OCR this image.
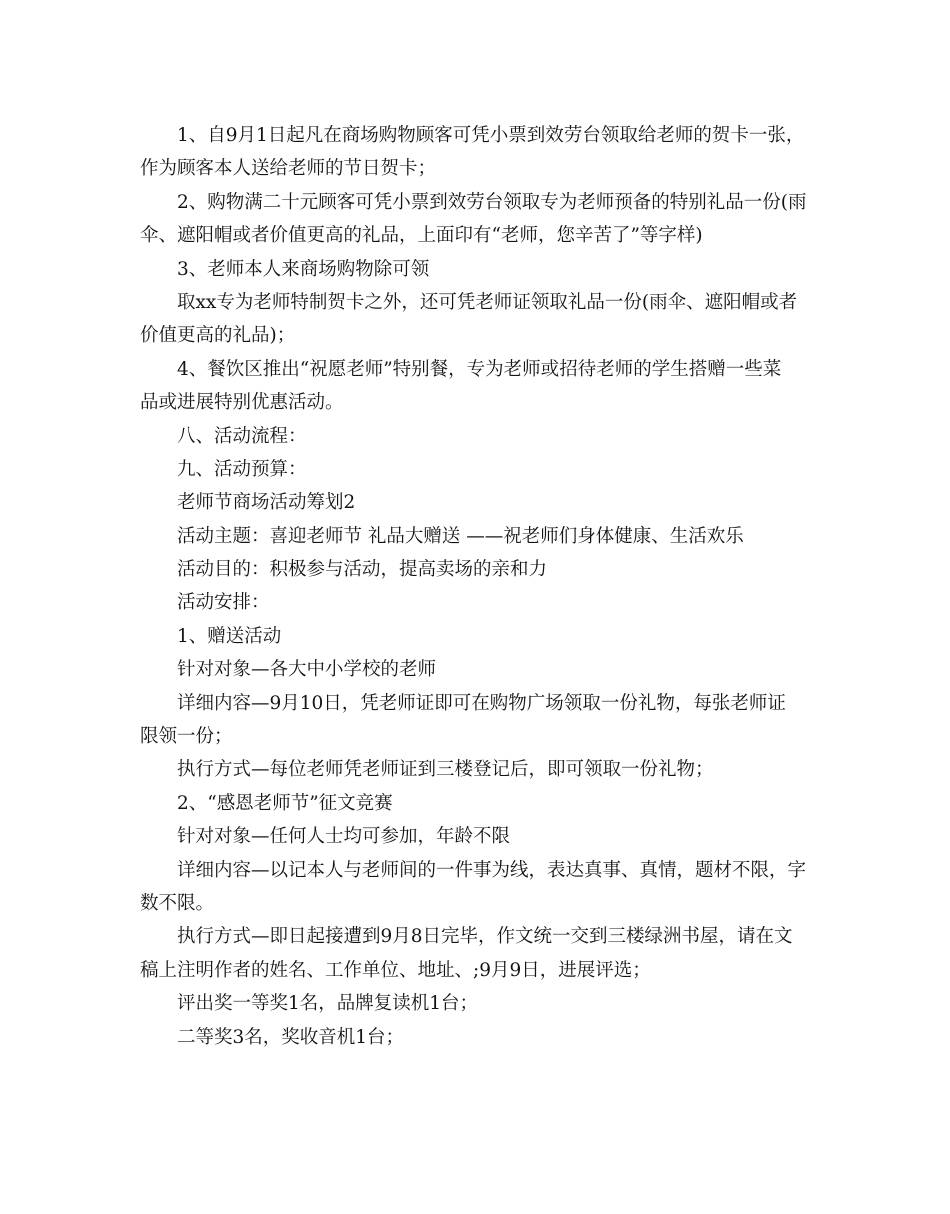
1、自9月1日起凡在商场购物顾客可凭小票到效劳台领取给老师的贺卡一张，
作为顾客本人送给老师的节日贺卡；
2、购物满二十元顾客可凭小票到效劳台领取专为老师预备的特别礼品一份(雨
伞、遮阳帽或者价值更高的礼品，上面印有“老师，您辛苦了”等字样)
3、老师本人来商场购物除可领
取xx专为老师特制贺卡之外，还可凭老师证领取礼品一份(雨伞、遮阳帽或者
价值更高的礼品)；
4、餐饮区推出“祝愿老师”特别餐，专为老师或招待老师的学生搭赠一些菜
品或进展特别优惠活动。
八、活动流程：
九、活动预算：
老师节商场活动筹划2
活动主题：喜迎老师节 礼品大赠送 ——祝老师们身体健康、生活欢乐
活动目的：积极参与活动，提高卖场的亲和力
活动安排：
1、赠送活动
针对对象—各大中小学校的老师
详细内容—9月10日，凭老师证即可在购物广场领取一份礼物，每张老师证
限领一份；
执行方式—每位老师凭老师证到三楼登记后，即可领取一份礼物；
2、“感恩老师节”征文竞赛
针对对象—任何人士均可参加，年龄不限
详细内容—以记本人与老师间的一件事为线，表达真事、真情，题材不限，字
数不限。
执行方式—即日起接遭到9月8日完毕，作文统一交到三楼绿洲书屋，请在文
稿上注明作者的姓名、工作单位、地址、;9月9日，进展评选；
评出奖一等奖1名，品牌复读机1台；
二等奖3名，奖收音机1台；
